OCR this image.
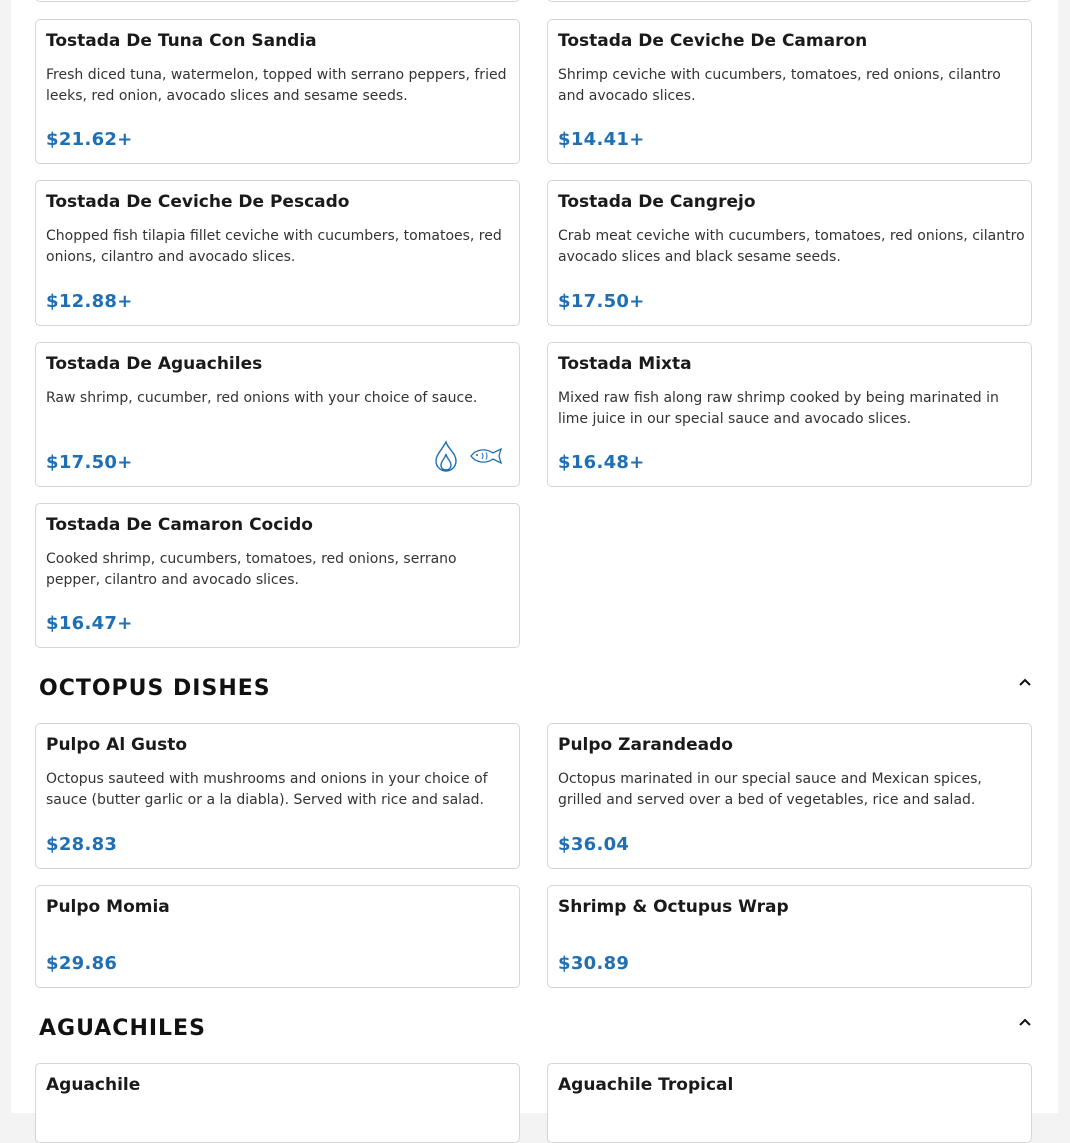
Tostada De Tuna Con Sandia
Fresh diced tuna, watermelon, topped with serrano peppers, fried leeks, red onion, avocado slices and sesame seeds.
$21.62+
Tostada De Ceviche De Camaron
Shrimp ceviche with cucumbers, tomatoes, red onions, cilantro and avocado slices.
$14.41+
Tostada De Ceviche De Pescado
Chopped fish tilapia fillet ceviche with cucumbers, tomatoes, red onions, cilantro and avocado slices.
$12.88+
Tostada De Cangrejo
Crab meat ceviche with cucumbers, tomatoes, red onions, cilantro avocado slices and black sesame seeds.
$17.50+
Tostada De Aguachiles
Raw shrimp, cucumber, red onions with your choice of sauce.
$17.50+
Tostada Mixta
Mixed raw fish along raw shrimp cooked by being marinated in lime juice in our special sauce and avocado slices.
$16.48+
Tostada De Camaron Cocido
Cooked shrimp, cucumbers, tomatoes, red onions, serrano pepper, cilantro and avocado slices.
$16.47+
OCTOPUS DISHES
Pulpo Al Gusto
Octopus sauteed with mushrooms and onions in your choice of sauce (butter garlic or a la diabla). Served with rice and salad.
$28.83
Pulpo Zarandeado
Octopus marinated in our special sauce and Mexican spices, grilled and served over a bed of vegetables, rice and salad.
$36.04
Pulpo Momia
$29.86
Shrimp & Octupus Wrap
$30.89
AGUACHILES
Aguachile	Aguachile Tropical
